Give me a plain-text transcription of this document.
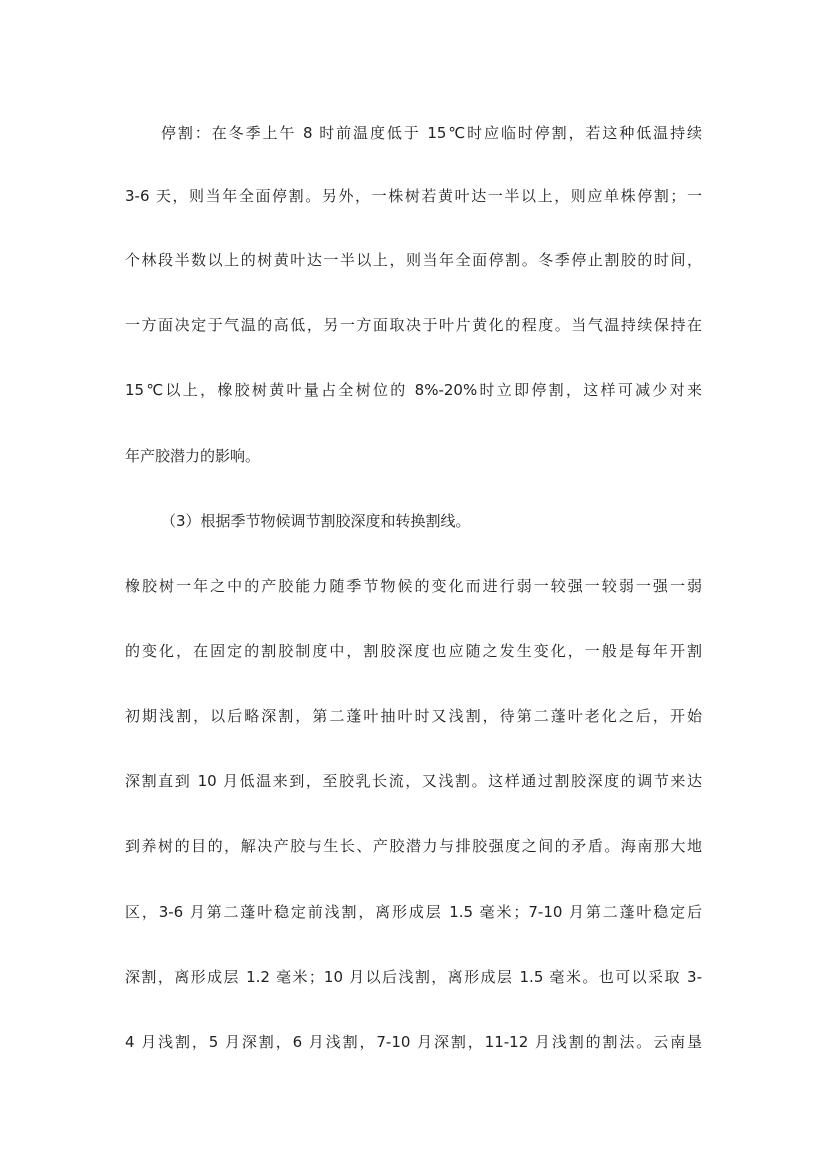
停割：在冬季上午 8 时前温度低于 15℃时应临时停割，若这种低温持续
3-6 天，则当年全面停割。另外，一株树若黄叶达一半以上，则应单株停割；一
个林段半数以上的树黄叶达一半以上，则当年全面停割。冬季停止割胶的时间，
一方面决定于气温的高低，另一方面取决于叶片黄化的程度。当气温持续保持在
15℃以上，橡胶树黄叶量占全树位的 8%-20%时立即停割，这样可减少对来
年产胶潜力的影响。
（3）根据季节物候调节割胶深度和转换割线。
橡胶树一年之中的产胶能力随季节物候的变化而进行弱一较强一较弱一强一弱
的变化，在固定的割胶制度中，割胶深度也应随之发生变化，一般是每年开割
初期浅割，以后略深割，第二蓬叶抽叶时又浅割，待第二蓬叶老化之后，开始
深割直到 10 月低温来到，至胶乳长流，又浅割。这样通过割胶深度的调节来达
到养树的目的，解决产胶与生长、产胶潜力与排胶强度之间的矛盾。海南那大地
区，3-6 月第二蓬叶稳定前浅割，离形成层 1.5 毫米；7-10 月第二蓬叶稳定后
深割，离形成层 1.2 毫米；10 月以后浅割，离形成层 1.5 毫米。也可以采取 3-
4 月浅割，5 月深割，6 月浅割，7-10 月深割，11-12 月浅割的割法。云南垦
